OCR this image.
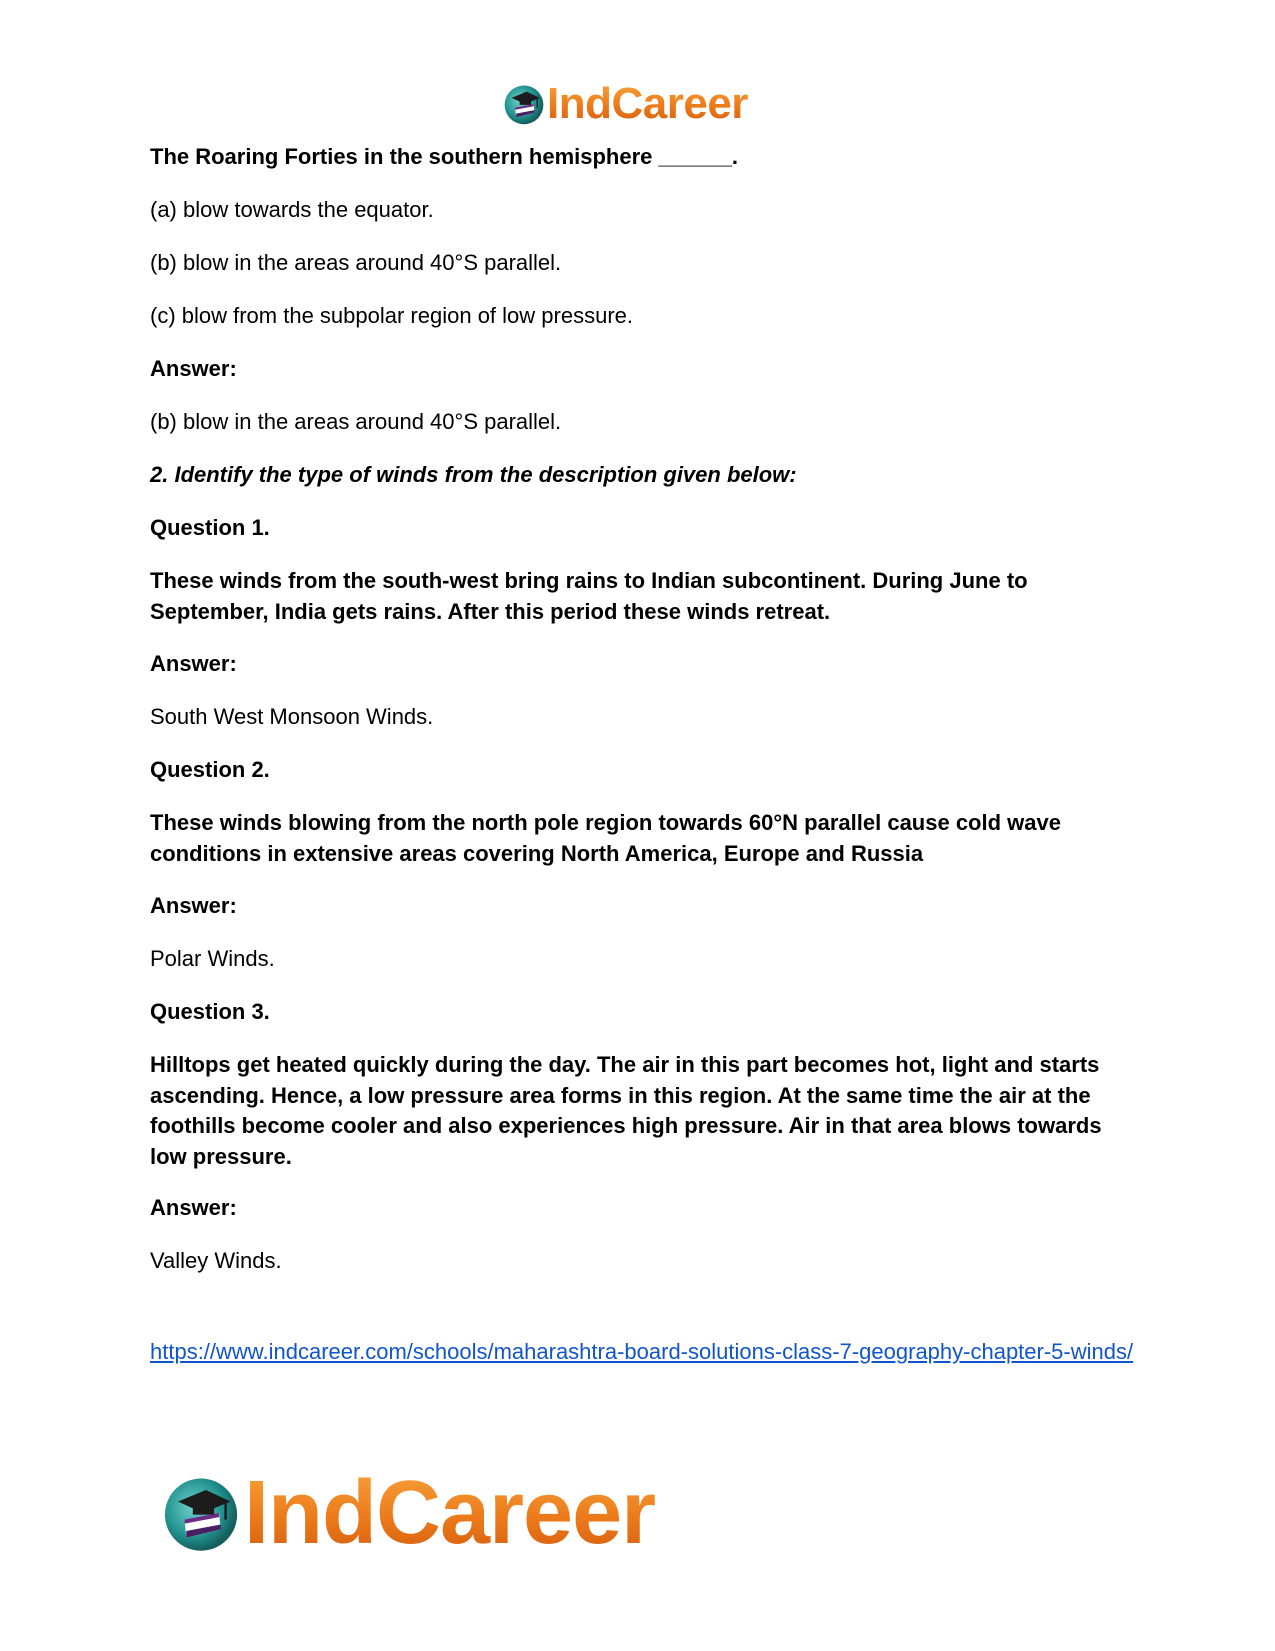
IndCareer

The Roaring Forties in the southern hemisphere ______.

(a) blow towards the equator.

(b) blow in the areas around 40°S parallel.

(c) blow from the subpolar region of low pressure.

Answer:

(b) blow in the areas around 40°S parallel.

2. Identify the type of winds from the description given below:

Question 1.

These winds from the south-west bring rains to Indian subcontinent. During June to September, India gets rains. After this period these winds retreat.

Answer:

South West Monsoon Winds.

Question 2.

These winds blowing from the north pole region towards 60°N parallel cause cold wave conditions in extensive areas covering North America, Europe and Russia

Answer:

Polar Winds.

Question 3.

Hilltops get heated quickly during the day. The air in this part becomes hot, light and starts ascending. Hence, a low pressure area forms in this region. At the same time the air at the foothills become cooler and also experiences high pressure. Air in that area blows towards low pressure.

Answer:

Valley Winds.

https://www.indcareer.com/schools/maharashtra-board-solutions-class-7-geography-chapter-5-winds/
IndCareer
